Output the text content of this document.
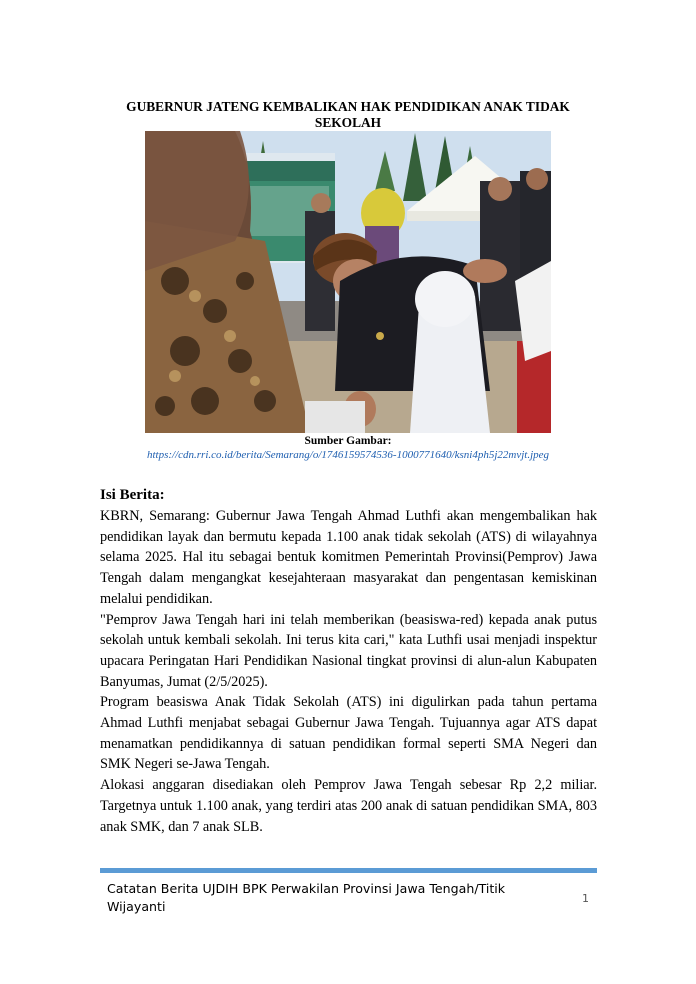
GUBERNUR JATENG KEMBALIKAN HAK PENDIDIKAN ANAK TIDAK SEKOLAH
Sumber Gambar:
https://cdn.rri.co.id/berita/Semarang/o/1746159574536-1000771640/ksni4ph5j22mvjt.jpeg
Isi Berita:

KBRN, Semarang: Gubernur Jawa Tengah Ahmad Luthfi akan mengembalikan hak pendidikan layak dan bermutu kepada 1.100 anak tidak sekolah (ATS) di wilayahnya selama 2025. Hal itu sebagai bentuk komitmen Pemerintah Provinsi(Pemprov) Jawa Tengah dalam mengangkat kesejahteraan masyarakat dan pengentasan kemiskinan melalui pendidikan.

"Pemprov Jawa Tengah hari ini telah memberikan (beasiswa-red) kepada anak putus sekolah untuk kembali sekolah. Ini terus kita cari," kata Luthfi usai menjadi inspektur upacara Peringatan Hari Pendidikan Nasional tingkat provinsi di alun-alun Kabupaten Banyumas, Jumat (2/5/2025).

Program beasiswa Anak Tidak Sekolah (ATS) ini digulirkan pada tahun pertama Ahmad Luthfi menjabat sebagai Gubernur Jawa Tengah. Tujuannya agar ATS dapat menamatkan pendidikannya di satuan pendidikan formal seperti SMA Negeri dan SMK Negeri se-Jawa Tengah.

Alokasi anggaran disediakan oleh Pemprov Jawa Tengah sebesar Rp 2,2 miliar. Targetnya untuk 1.100 anak, yang terdiri atas 200 anak di satuan pendidikan SMA, 803 anak SMK, dan 7 anak SLB.

Catatan Berita UJDIH BPK Perwakilan Provinsi Jawa Tengah/Titik Wijayanti
1
